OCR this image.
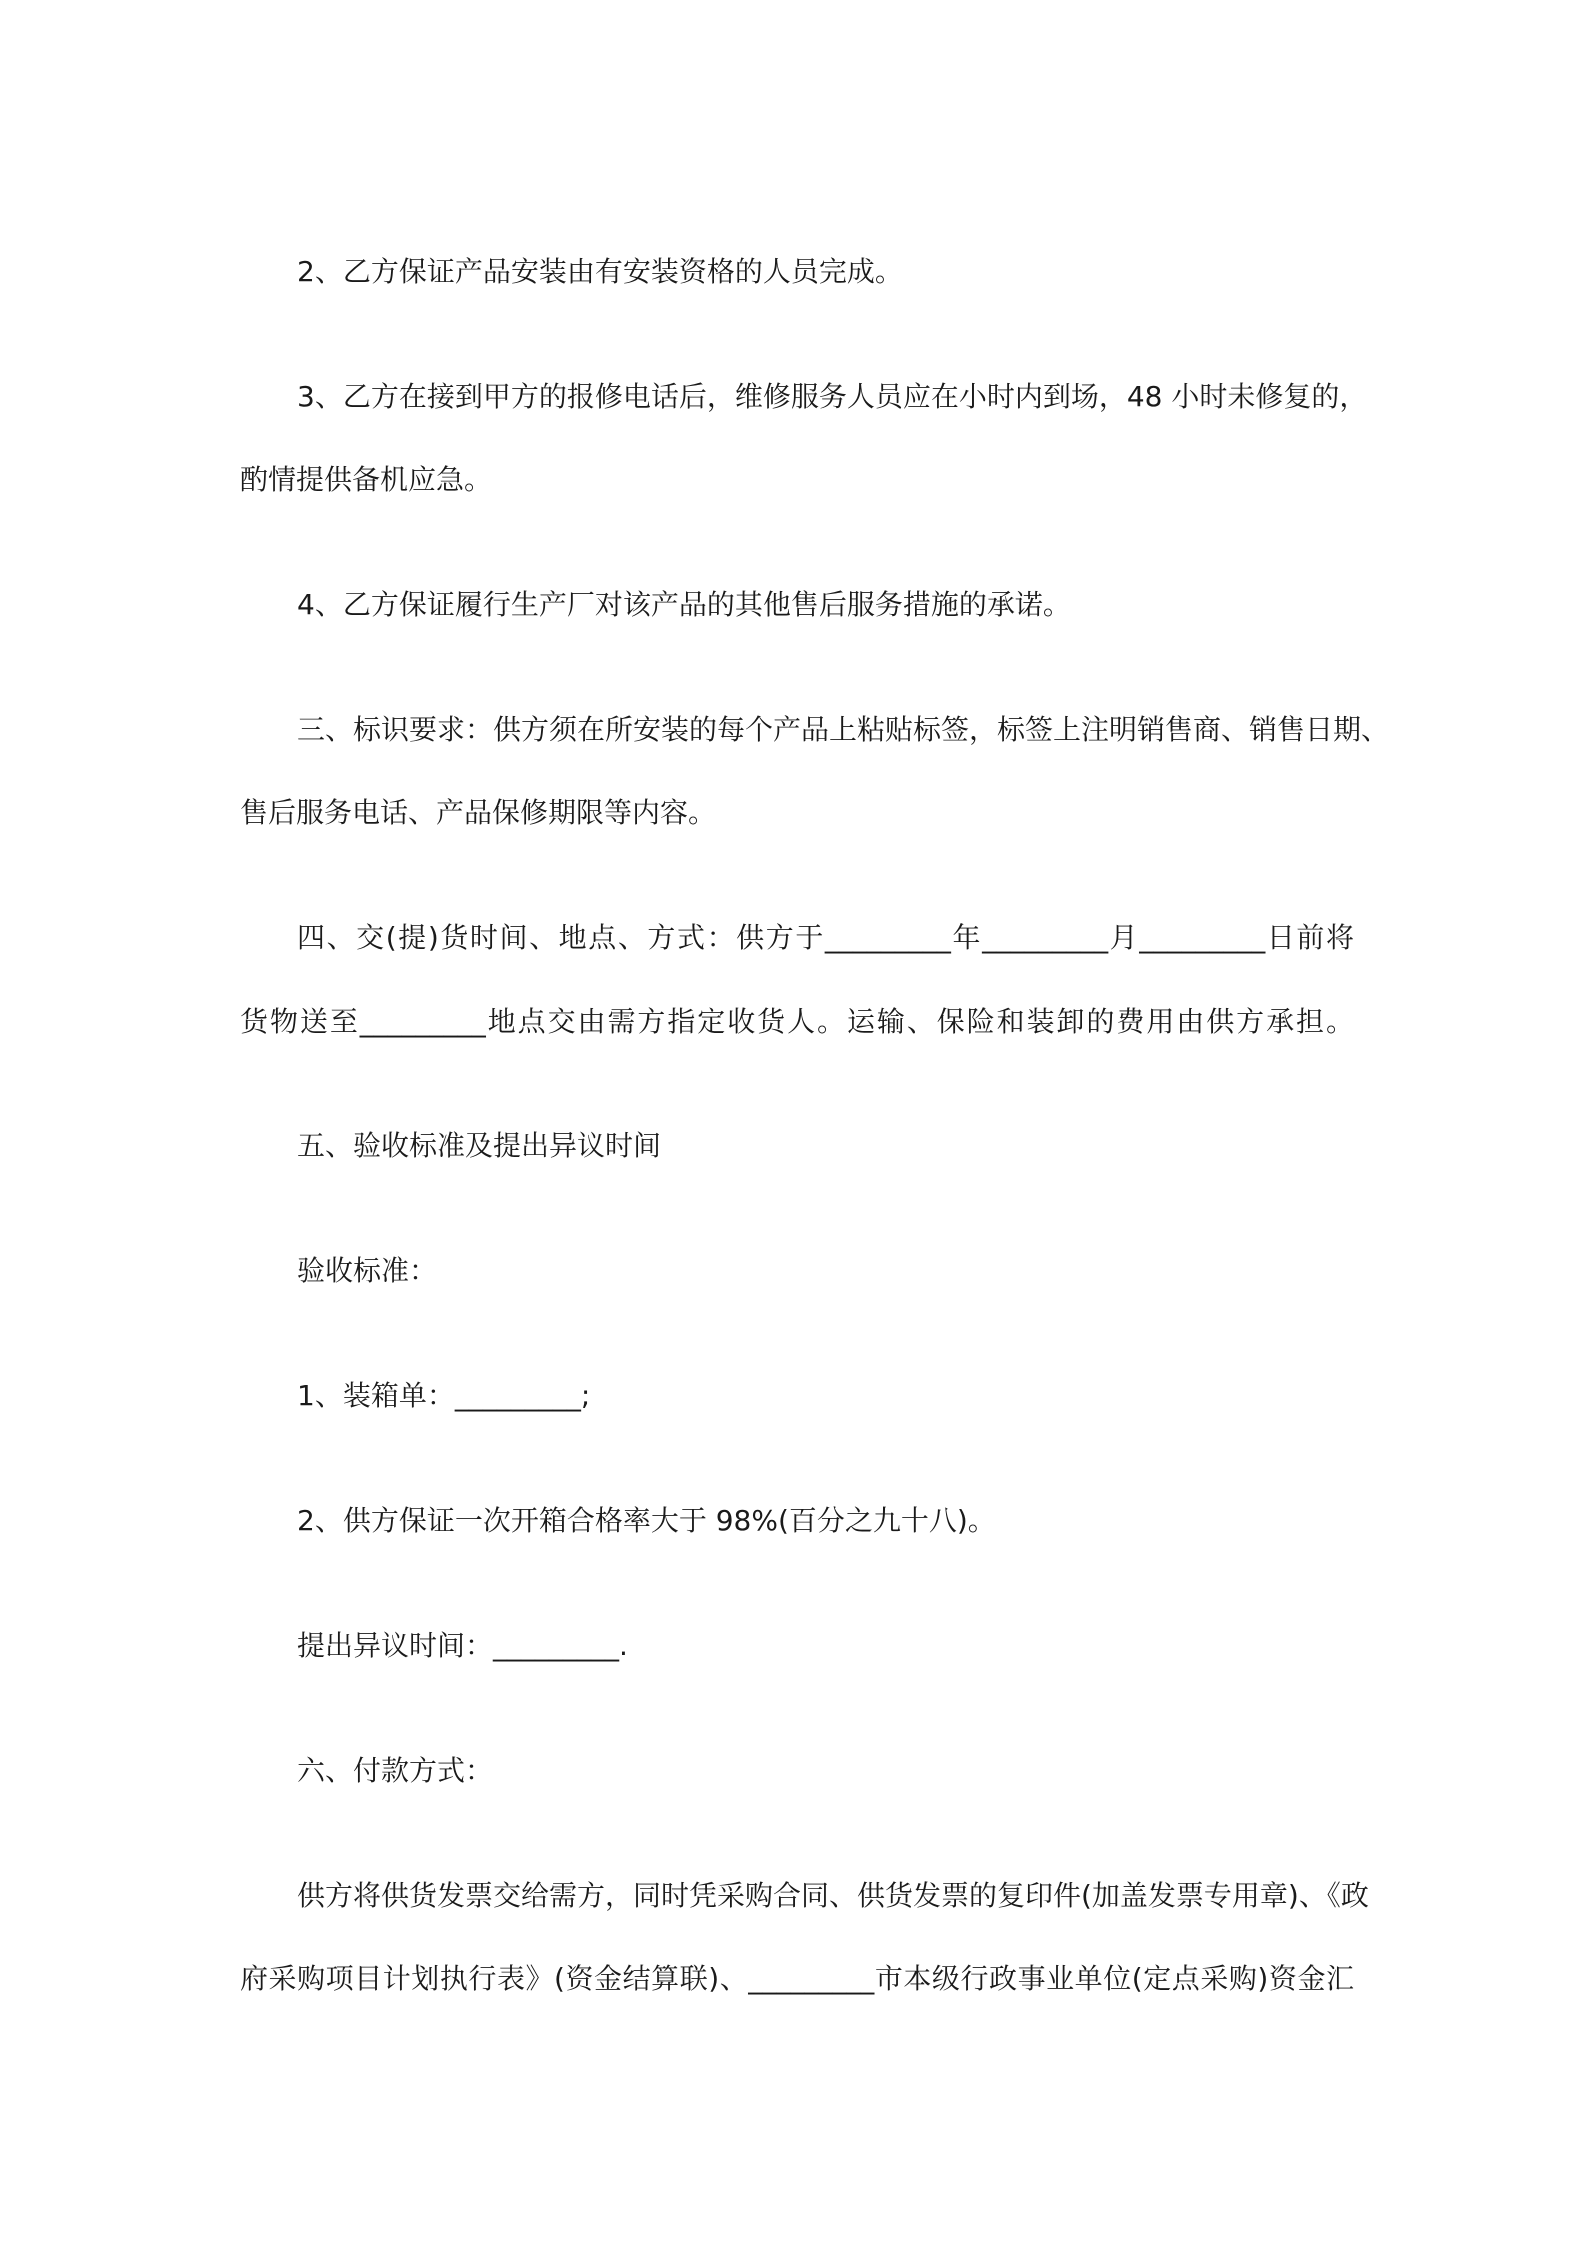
2、乙方保证产品安装由有安装资格的人员完成。
3、乙方在接到甲方的报修电话后，维修服务人员应在小时内到场，48 小时未修复的，
酌情提供备机应急。
4、乙方保证履行生产厂对该产品的其他售后服务措施的承诺。
三、标识要求：供方须在所安装的每个产品上粘贴标签，标签上注明销售商、销售日期、
售后服务电话、产品保修期限等内容。
四、交(提)货时间、地点、方式：供方于_________年_________月_________日前将
货物送至_________地点交由需方指定收货人。运输、保险和装卸的费用由供方承担。
五、验收标准及提出异议时间
验收标准：
1、装箱单：_________;
2、供方保证一次开箱合格率大于 98%(百分之九十八)。
提出异议时间：_________.
六、付款方式：
供方将供货发票交给需方，同时凭采购合同、供货发票的复印件(加盖发票专用章)、《政
府采购项目计划执行表》(资金结算联)、_________市本级行政事业单位(定点采购)资金汇
